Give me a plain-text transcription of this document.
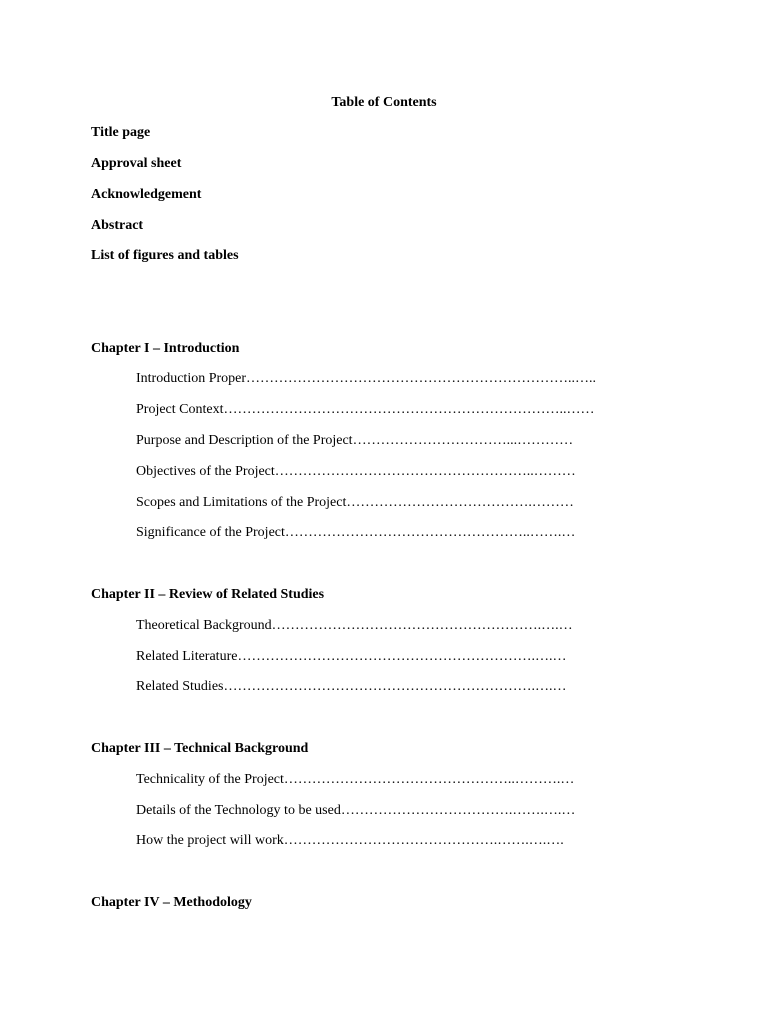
Table of Contents
Title page
Approval sheet
Acknowledgement
Abstract
List of figures and tables
Chapter I – Introduction
Introduction Proper……………………………………………………………..…..
Project Context………………………………………………………………..……
Purpose and Description of the Project……………………………...…………
Objectives of the Project………………………………………………..………
Scopes and Limitations of the Project………………………………….………
Significance of the Project……………………………………………..…….…
Chapter II – Review of Related Studies
Theoretical Background………………………………………………….….…
Related Literature……………………………………………………….….…
Related Studies………………………………………………………….….…
Chapter III – Technical Background
Technicality of the Project…………………………………………..……….…
Details of the Technology to be used……………………………….…….….…
How the project will work……………………………………….…….….….
Chapter IV – Methodology
